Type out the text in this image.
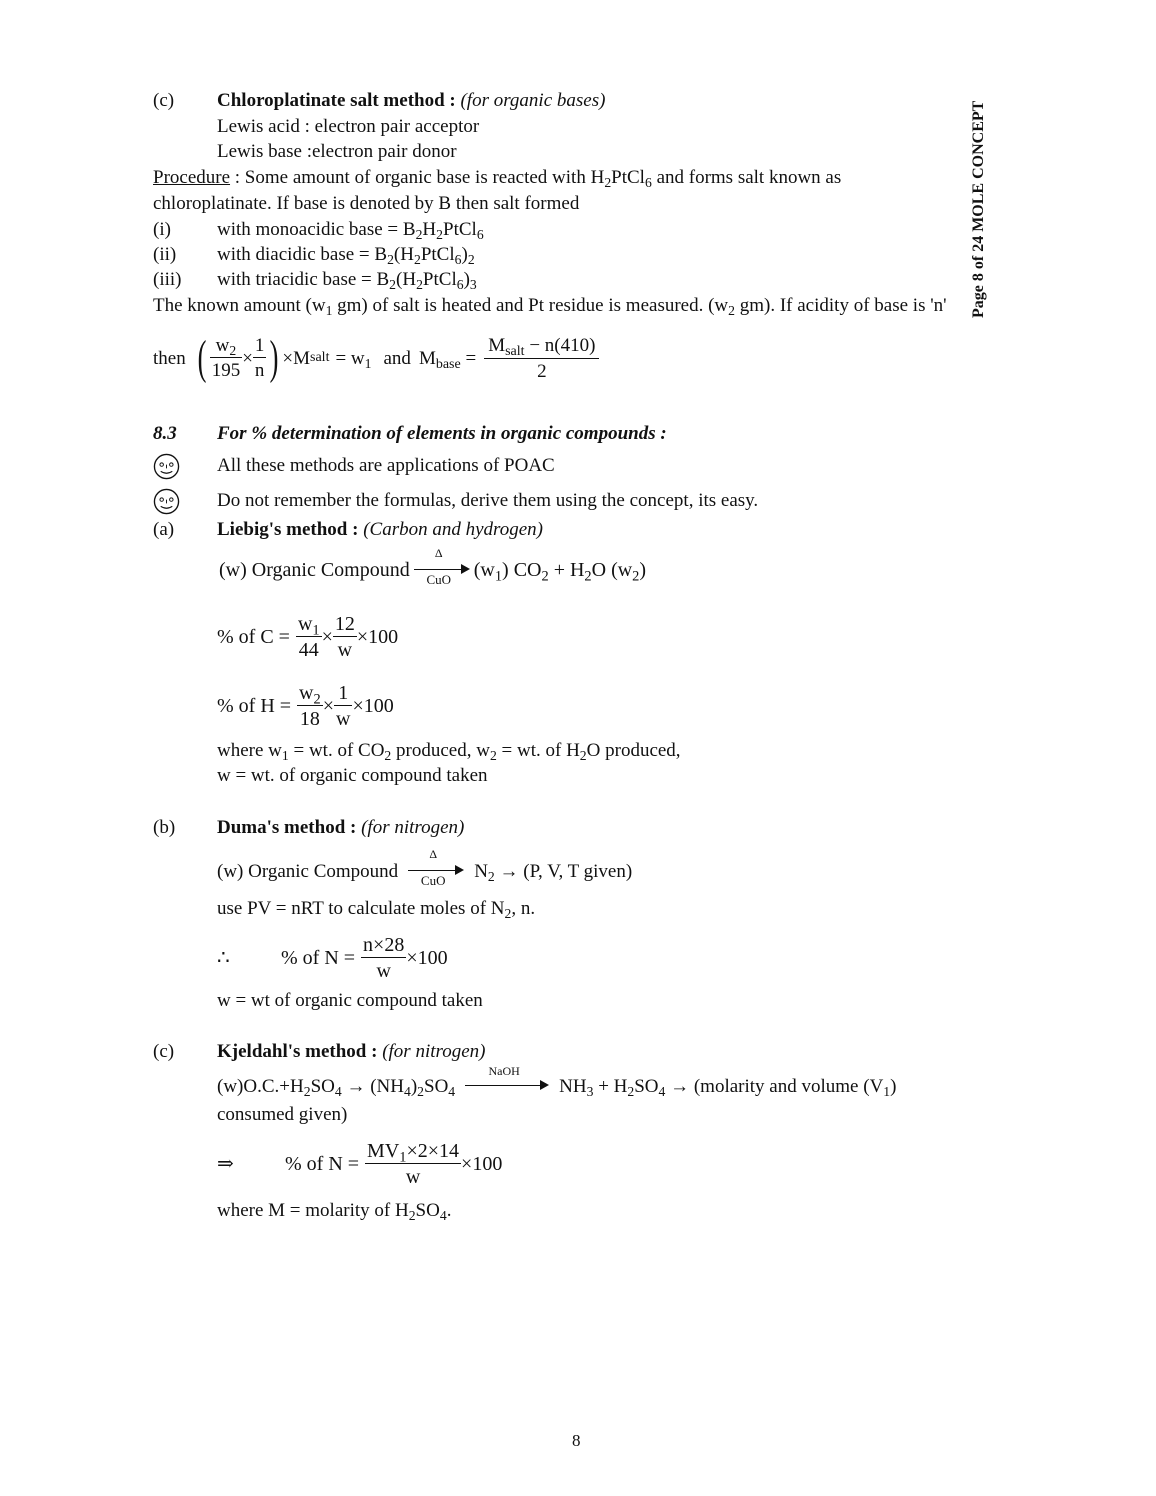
Page 8 of 24 MOLE CONCEPT
(c) Chloroplatinate salt method : (for organic bases)
Lewis acid : electron pair acceptor
Lewis base :electron pair donor
Procedure : Some amount of organic base is reacted with $H_2PtCl_6$ and forms salt known as
chloroplatinate. If base is denoted by B then salt formed
(i) with monoacidic base = $B_2H_2PtCl_6$
(ii) with diacidic base = $B_2(H_2PtCl_6)_2$
(iii) with triacidic base = $B_2(H_2PtCl_6)_3$
The known amount ($w_1$ gm) of salt is heated and Pt residue is measured. ($w_2$ gm). If acidity of base is 'n'
then ( $\frac{w_2}{195} \times \frac{1}{n}$ ) ×M salt = $w_1$ and $M_{base} = \frac{M_{salt} - n(410)}{2}$
8.3 For % determination of elements in organic compounds :
All these methods are applications of POAC
Do not remember the formulas, derive them using the concept, its easy.
(a) Liebig's method : (Carbon and hydrogen)
(w) Organic Compound
Δ
CuO	$(w_1) CO_2 + H_2O$ $(w_2)$
% of $C = \frac{w_1}{44} \times \frac{12}{w} \times 100$
% of $H = \frac{w_2}{18} \times \frac{1}{w} \times 100$
where $w_1$ = wt. of $CO_2$ produced, $w_2$ = wt. of $H_2O$ produced,
w = wt. of organic compound taken
(b) Duma's method : (for nitrogen)
(w) Organic Compound
Δ
CuO	$N_2 \to (P$, V, T given)
use PV = nRT to calculate moles of $N_2$, n.
∴	% of $N = \frac{n\times 28}{w} \times 100$
w = wt of organic compound taken
(c) Kjeldahl's method : (for nitrogen)
$(w)O.C.+H_2SO_4 \to (NH_4)_2SO_4$
NaOH
$NH_3 + H_2SO_4$ → (molarity and volume $(V_1)$
consumed given)
⇒	% of $N = \frac{MV_1\times 2\times 14}{w} \times 100$
where M = molarity of $H_2SO_4$.
8
